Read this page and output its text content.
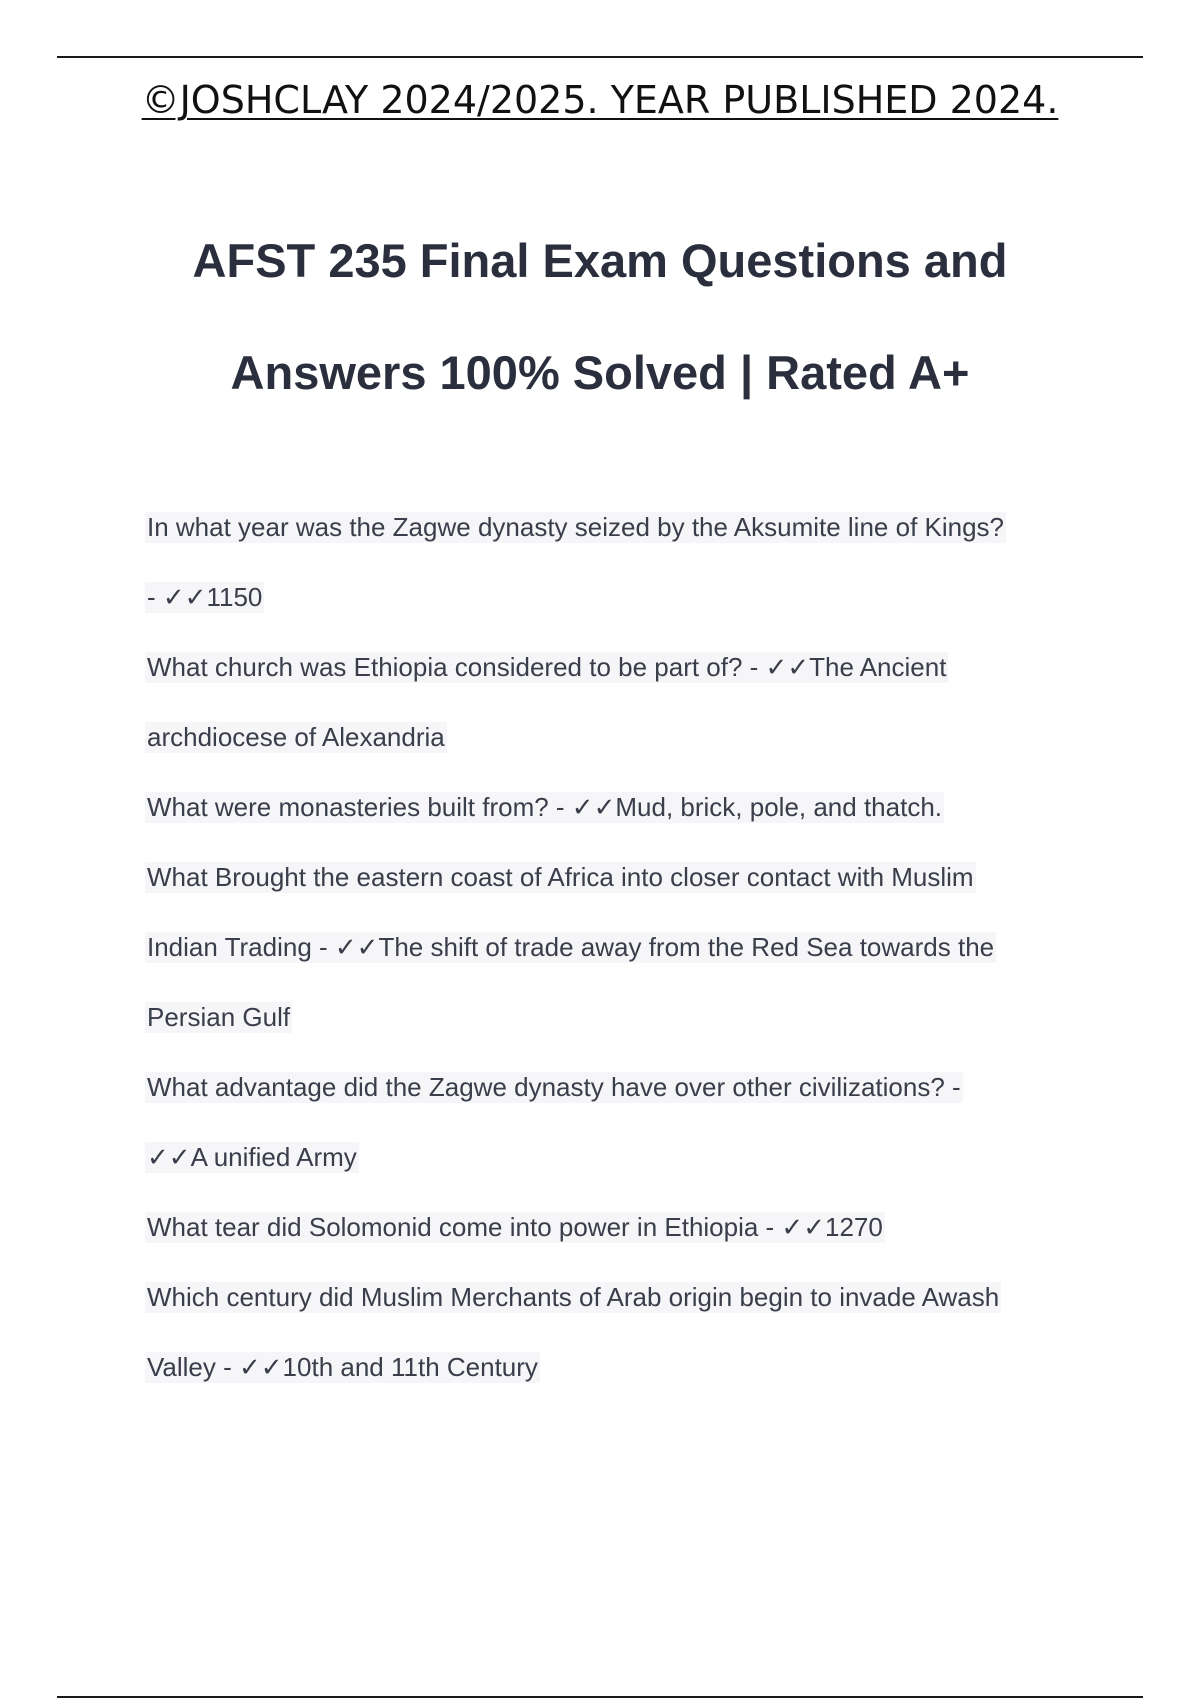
©JOSHCLAY 2024/2025. YEAR PUBLISHED 2024.
AFST 235 Final Exam Questions and
Answers 100% Solved | Rated A+
In what year was the Zagwe dynasty seized by the Aksumite line of Kings?
- ✓✓1150
What church was Ethiopia considered to be part of? - ✓✓The Ancient
archdiocese of Alexandria
What were monasteries built from? - ✓✓Mud, brick, pole, and thatch.
What Brought the eastern coast of Africa into closer contact with Muslim
Indian Trading - ✓✓The shift of trade away from the Red Sea towards the
Persian Gulf
What advantage did the Zagwe dynasty have over other civilizations? -
✓✓A unified Army
What tear did Solomonid come into power in Ethiopia - ✓✓1270
Which century did Muslim Merchants of Arab origin begin to invade Awash
Valley - ✓✓10th and 11th Century
